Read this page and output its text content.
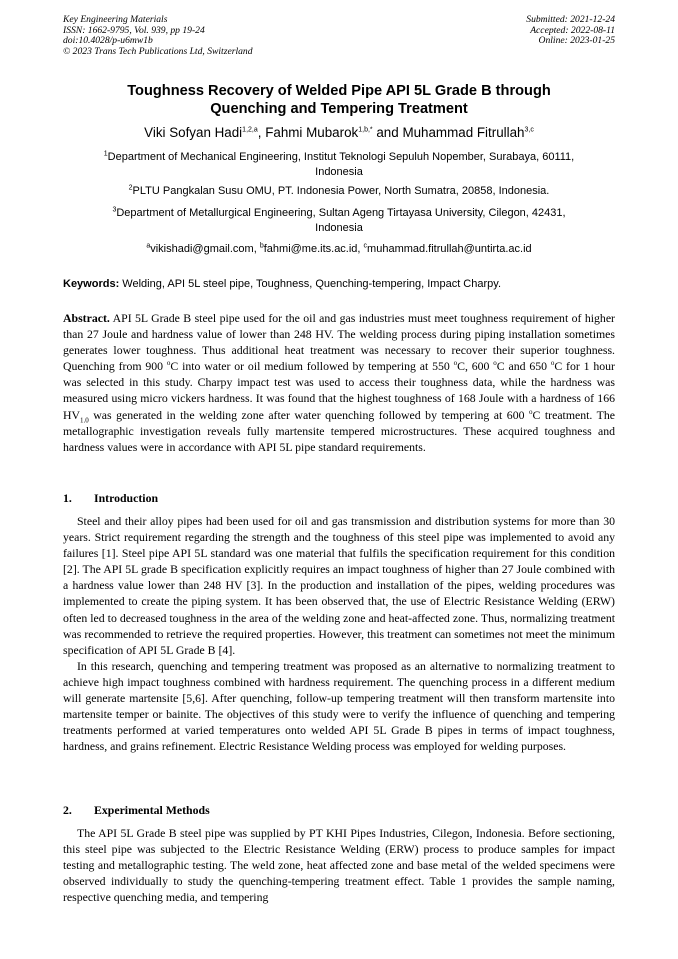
Key Engineering Materials
ISSN: 1662-9795, Vol. 939, pp 19-24
doi:10.4028/p-u6mw1b
© 2023 Trans Tech Publications Ltd, Switzerland
Submitted: 2021-12-24
Accepted: 2022-08-11
Online: 2023-01-25
Toughness Recovery of Welded Pipe API 5L Grade B through
Quenching and Tempering Treatment
Viki Sofyan Hadi$^{1,2,a}$, Fahmi Mubarok$^{1,b,*}$ and Muhammad Fitrullah$^{3,c}$
$^1$Department of Mechanical Engineering, Institut Teknologi Sepuluh Nopember, Surabaya, 60111,
Indonesia
$^2$PLTU Pangkalan Susu OMU, PT. Indonesia Power, North Sumatra, 20858, Indonesia.
$^3$Department of Metallurgical Engineering, Sultan Ageng Tirtayasa University, Cilegon, 42431,
Indonesia
$^a$vikishadi@gmail.com, $^b$fahmi@me.its.ac.id, $^c$muhammad.fitrullah@untirta.ac.id
Keywords: Welding, API 5L steel pipe, Toughness, Quenching-tempering, Impact Charpy.

Abstract. API 5L Grade B steel pipe used for the oil and gas industries must meet toughness requirement of higher than 27 Joule and hardness value of lower than 248 HV. The welding process during piping installation sometimes generates lower toughness. Thus additional heat treatment was necessary to recover their superior toughness. Quenching from 900 $^o$C into water or oil medium followed by tempering at 550 $^o$C, 600 $^o$C and 650 $^o$C for 1 hour was selected in this study. Charpy impact test was used to access their toughness data, while the hardness was measured using micro vickers hardness. It was found that the highest toughness of 168 Joule with a hardness of 166 $HV_{1.0}$ was generated in the welding zone after water quenching followed by tempering at 600 $^o$C treatment. The metallographic investigation reveals fully martensite tempered microstructures. These acquired toughness and hardness values were in accordance with API 5L pipe standard requirements.

1. Introduction

Steel and their alloy pipes had been used for oil and gas transmission and distribution systems for more than 30 years. Strict requirement regarding the strength and the toughness of this steel pipe was implemented to avoid any failures [1]. Steel pipe API 5L standard was one material that fulfils the specification requirement for this condition [2]. The API 5L grade B specification explicitly requires an impact toughness of higher than 27 Joule combined with a hardness value lower than 248 HV [3]. In the production and installation of the pipes, welding procedures was implemented to create the piping system. It has been observed that, the use of Electric Resistance Welding (ERW) often led to decreased toughness in the area of the welding zone and heat-affected zone. Thus, normalizing treatment was recommended to retrieve the required properties. However, this treatment can sometimes not meet the minimum specification of API 5L Grade B [4].

In this research, quenching and tempering treatment was proposed as an alternative to normalizing treatment to achieve high impact toughness combined with hardness requirement. The quenching process in a different medium will generate martensite [5,6]. After quenching, follow-up tempering treatment will then transform martensite into martensite temper or bainite. The objectives of this study were to verify the influence of quenching and tempering treatments performed at varied temperatures onto welded API 5L Grade B pipes in terms of impact toughness, hardness, and grains refinement. Electric Resistance Welding process was employed for welding purposes.

2. Experimental Methods

The API 5L Grade B steel pipe was supplied by PT KHI Pipes Industries, Cilegon, Indonesia. Before sectioning, this steel pipe was subjected to the Electric Resistance Welding (ERW) process to produce samples for impact testing and metallographic testing. The weld zone, heat affected zone and base metal of the welded specimens were observed individually to study the quenching-tempering treatment effect. Table 1 provides the sample naming, respective quenching media, and tempering
